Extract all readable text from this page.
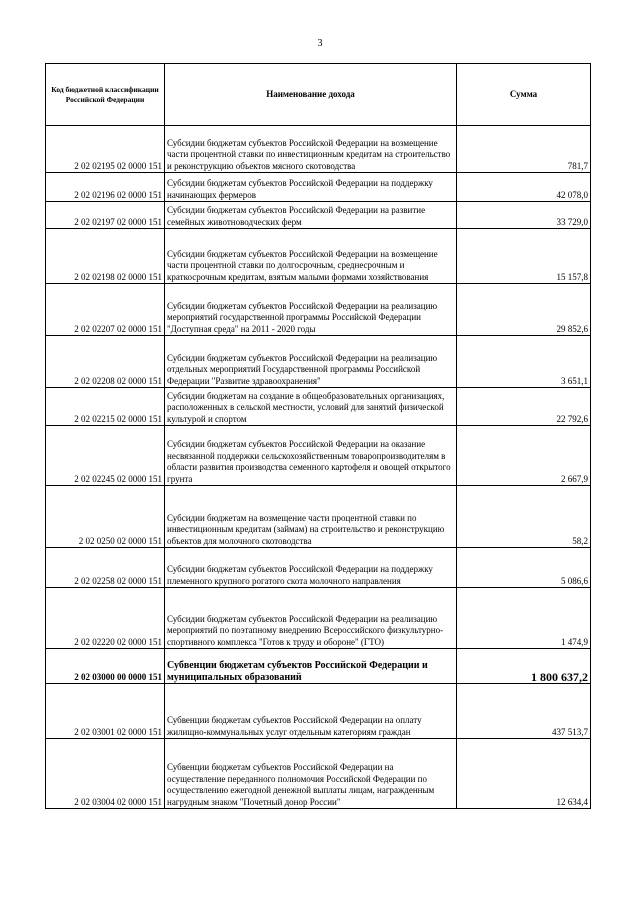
3
Код бюджетной классификации Российской Федерации	Наименование дохода	Сумма
2 02 02195 02 0000 151	Субсидии бюджетам субъектов Российской Федерации на возмещение части процентной ставки по инвестиционным кредитам на строительство и реконструкцию объектов мясного скотоводства	781,7
2 02 02196 02 0000 151	Субсидии бюджетам субъектов Российской Федерации на поддержку начинающих фермеров	42 078,0
2 02 02197 02 0000 151	Субсидии бюджетам субъектов Российской Федерации на развитие семейных животноводческих ферм	33 729,0
2 02 02198 02 0000 151	Субсидии бюджетам субъектов Российской Федерации на возмещение части процентной ставки по долгосрочным, среднесрочным и краткосрочным кредитам, взятым малыми формами хозяйствования	15 157,8
2 02 02207 02 0000 151	Субсидии бюджетам субъектов Российской Федерации на реализацию мероприятий государственной программы Российской Федерации "Доступная среда" на 2011 - 2020 годы	29 852,6
2 02 02208 02 0000 151	Субсидии бюджетам субъектов Российской Федерации на реализацию отдельных мероприятий Государственной программы Российской Федерации "Развитие здравоохранения"	3 651,1
2 02 02215 02 0000 151	Субсидии бюджетам на создание в общеобразовательных организациях, расположенных в сельской местности, условий для занятий физической культурой и спортом	22 792,6
2 02 02245 02 0000 151	Субсидии бюджетам субъектов Российской Федерации на оказание несвязанной поддержки сельскохозяйственным товаропроизводителям в области развития производства семенного картофеля и овощей открытого грунта	2 667,9
2 02 0250 02 0000 151	Субсидии бюджетам на возмещение части процентной ставки по инвестиционным кредитам (займам) на строительство и реконструкцию объектов для молочного скотоводства	58,2
2 02 02258 02 0000 151	Субсидии бюджетам субъектов Российской Федерации на поддержку племенного крупного рогатого скота молочного направления	5 086,6
2 02 02220 02 0000 151	Субсидии бюджетам субъектов Российской Федерации на реализацию мероприятий по поэтапному внедрению Всероссийского физкультурно-спортивного комплекса "Готов к труду и обороне" (ГТО)	1 474,9
2 02 03000 00 0000 151	Субвенции бюджетам субъектов Российской Федерации и муниципальных образований	1 800 637,2
2 02 03001 02 0000 151	Субвенции бюджетам субъектов Российской Федерации на оплату жилищно-коммунальных услуг отдельным категориям граждан	437 513,7
2 02 03004 02 0000 151	Субвенции бюджетам субъектов Российской Федерации на осуществление переданного полномочия Российской Федерации по осуществлению ежегодной денежной выплаты лицам, награжденным нагрудным знаком "Почетный донор России"	12 634,4
